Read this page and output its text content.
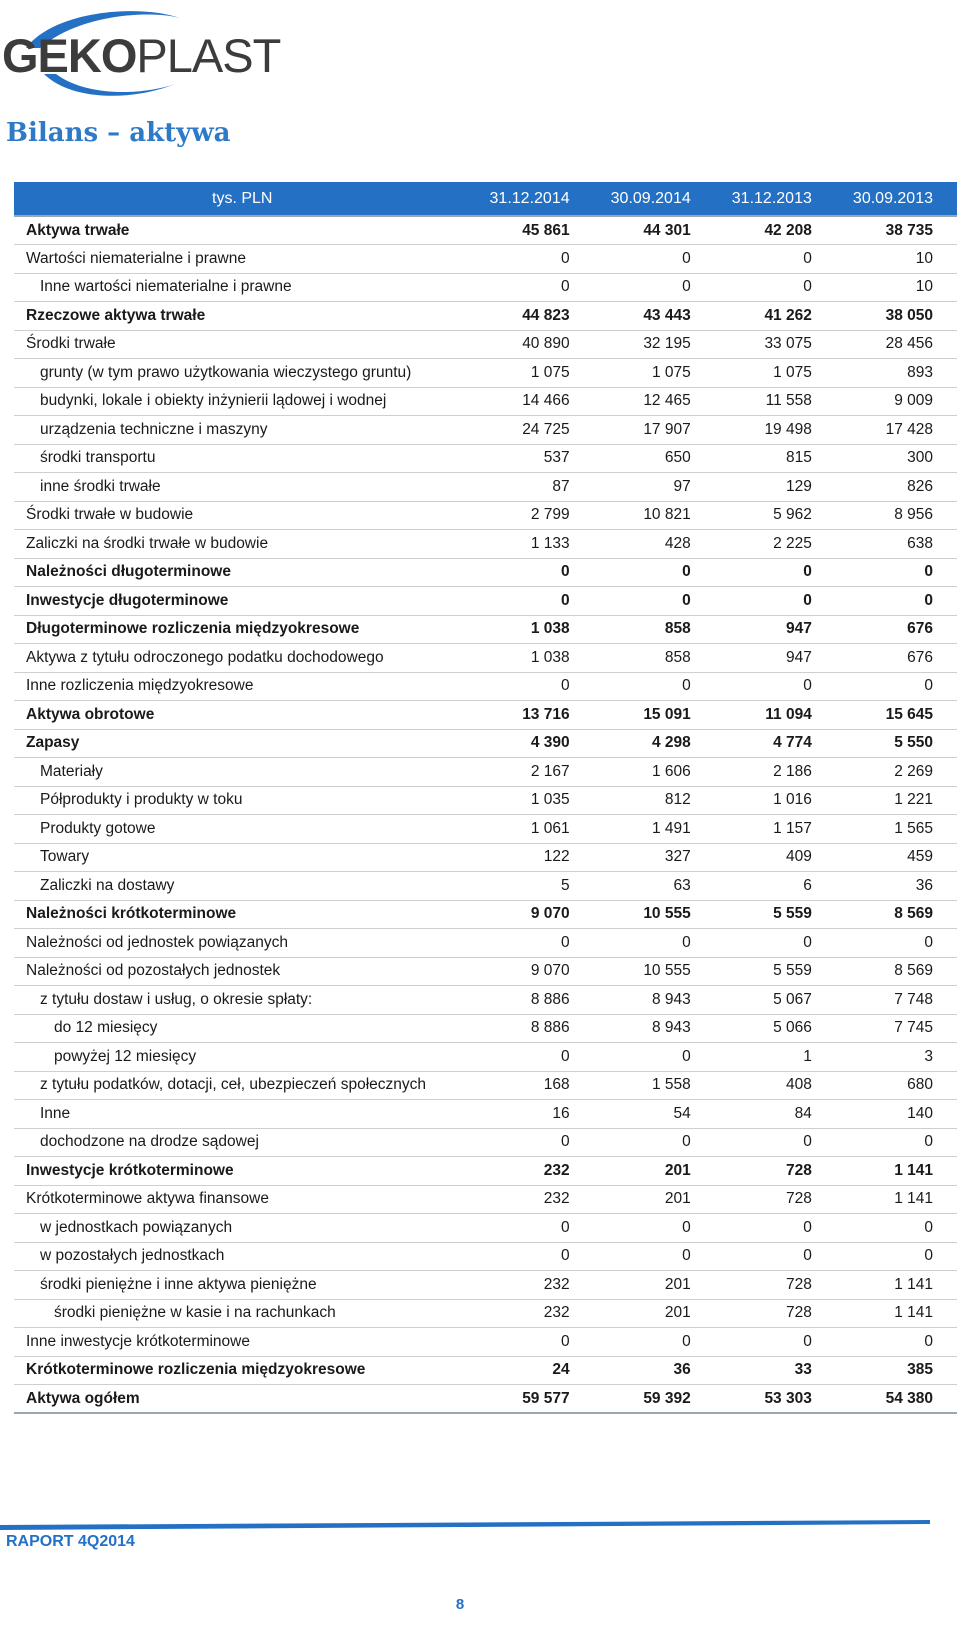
GEKOPLAST
Bilans – aktywa
tys. PLN	31.12.2014	30.09.2014	31.12.2013	30.09.2013
Aktywa trwałe	45 861	44 301	42 208	38 735
Wartości niematerialne i prawne	0	0	0	10
Inne wartości niematerialne i prawne	0	0	0	10
Rzeczowe aktywa trwałe	44 823	43 443	41 262	38 050
Środki trwałe	40 890	32 195	33 075	28 456
grunty (w tym prawo użytkowania wieczystego gruntu)	1 075	1 075	1 075	893
budynki, lokale i obiekty inżynierii lądowej i wodnej	14 466	12 465	11 558	9 009
urządzenia techniczne i maszyny	24 725	17 907	19 498	17 428
środki transportu	537	650	815	300
inne środki trwałe	87	97	129	826
Środki trwałe w budowie	2 799	10 821	5 962	8 956
Zaliczki na środki trwałe w budowie	1 133	428	2 225	638
Należności długoterminowe	0	0	0	0
Inwestycje długoterminowe	0	0	0	0
Długoterminowe rozliczenia międzyokresowe	1 038	858	947	676
Aktywa z tytułu odroczonego podatku dochodowego	1 038	858	947	676
Inne rozliczenia międzyokresowe	0	0	0	0
Aktywa obrotowe	13 716	15 091	11 094	15 645
Zapasy	4 390	4 298	4 774	5 550
Materiały	2 167	1 606	2 186	2 269
Półprodukty i produkty w toku	1 035	812	1 016	1 221
Produkty gotowe	1 061	1 491	1 157	1 565
Towary	122	327	409	459
Zaliczki na dostawy	5	63	6	36
Należności krótkoterminowe	9 070	10 555	5 559	8 569
Należności od jednostek powiązanych	0	0	0	0
Należności od pozostałych jednostek	9 070	10 555	5 559	8 569
z tytułu dostaw i usług, o okresie spłaty:	8 886	8 943	5 067	7 748
do 12 miesięcy	8 886	8 943	5 066	7 745
powyżej 12 miesięcy	0	0	1	3
z tytułu podatków, dotacji, ceł, ubezpieczeń społecznych	168	1 558	408	680
Inne	16	54	84	140
dochodzone na drodze sądowej	0	0	0	0
Inwestycje krótkoterminowe	232	201	728	1 141
Krótkoterminowe aktywa finansowe	232	201	728	1 141
w jednostkach powiązanych	0	0	0	0
w pozostałych jednostkach	0	0	0	0
środki pieniężne i inne aktywa pieniężne	232	201	728	1 141
środki pieniężne w kasie i na rachunkach	232	201	728	1 141
Inne inwestycje krótkoterminowe	0	0	0	0
Krótkoterminowe rozliczenia międzyokresowe	24	36	33	385
Aktywa ogółem	59 577	59 392	53 303	54 380
RAPORT 4Q2014
8
